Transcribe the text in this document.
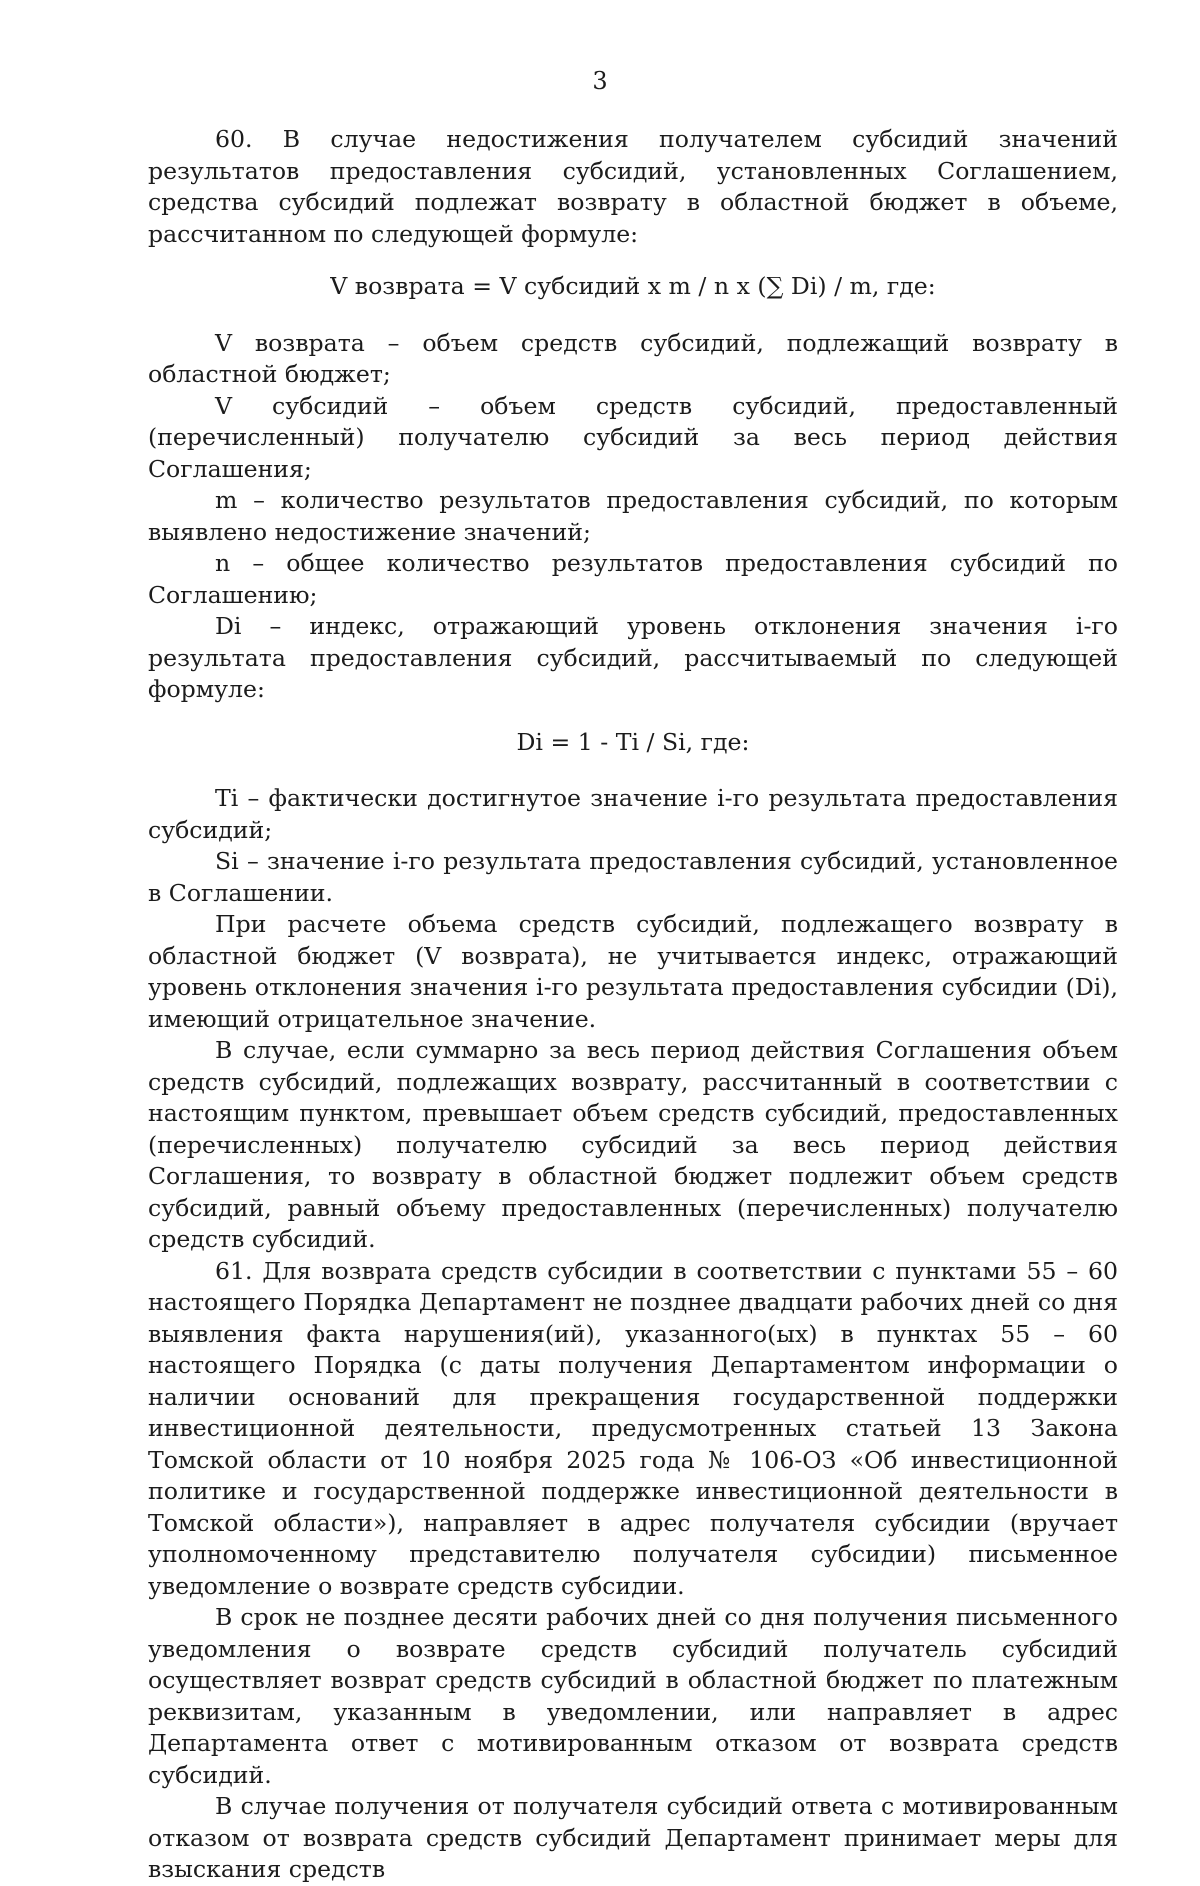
3

60. В случае недостижения получателем субсидий значений результатов предоставления субсидий, установленных Соглашением, средства субсидий подлежат возврату в областной бюджет в объеме, рассчитанном по следующей формуле:

V возврата = V субсидий x m / n x (∑ Di) / m, где:

V возврата – объем средств субсидий, подлежащий возврату в областной бюджет;

V субсидий – объем средств субсидий, предоставленный (перечисленный) получателю субсидий за весь период действия Соглашения;

m – количество результатов предоставления субсидий, по которым выявлено недостижение значений;

n – общее количество результатов предоставления субсидий по Соглашению;

Di – индекс, отражающий уровень отклонения значения i-го результата предоставления субсидий, рассчитываемый по следующей формуле:

Di = 1 - Ti / Si, где:

Ti – фактически достигнутое значение i-го результата предоставления субсидий;

Si – значение i-го результата предоставления субсидий, установленное в Соглашении.

При расчете объема средств субсидий, подлежащего возврату в областной бюджет (V возврата), не учитывается индекс, отражающий уровень отклонения значения i-го результата предоставления субсидии (Di), имеющий отрицательное значение.

В случае, если суммарно за весь период действия Соглашения объем средств субсидий, подлежащих возврату, рассчитанный в соответствии с настоящим пунктом, превышает объем средств субсидий, предоставленных (перечисленных) получателю субсидий за весь период действия Соглашения, то возврату в областной бюджет подлежит объем средств субсидий, равный объему предоставленных (перечисленных) получателю средств субсидий.

61. Для возврата средств субсидии в соответствии с пунктами 55 – 60 настоящего Порядка Департамент не позднее двадцати рабочих дней со дня выявления факта нарушения(ий), указанного(ых) в пунктах 55 – 60 настоящего Порядка (с даты получения Департаментом информации о наличии оснований для прекращения государственной поддержки инвестиционной деятельности, предусмотренных статьей 13 Закона Томской области от 10 ноября 2025 года № 106-ОЗ «Об инвестиционной политике и государственной поддержке инвестиционной деятельности в Томской области»), направляет в адрес получателя субсидии (вручает уполномоченному представителю получателя субсидии) письменное уведомление о возврате средств субсидии.

В срок не позднее десяти рабочих дней со дня получения письменного уведомления о возврате средств субсидий получатель субсидий осуществляет возврат средств субсидий в областной бюджет по платежным реквизитам, указанным в уведомлении, или направляет в адрес Департамента ответ с мотивированным отказом от возврата средств субсидий.

В случае получения от получателя субсидий ответа с мотивированным отказом от возврата средств субсидий Департамент принимает меры для взыскания средств
